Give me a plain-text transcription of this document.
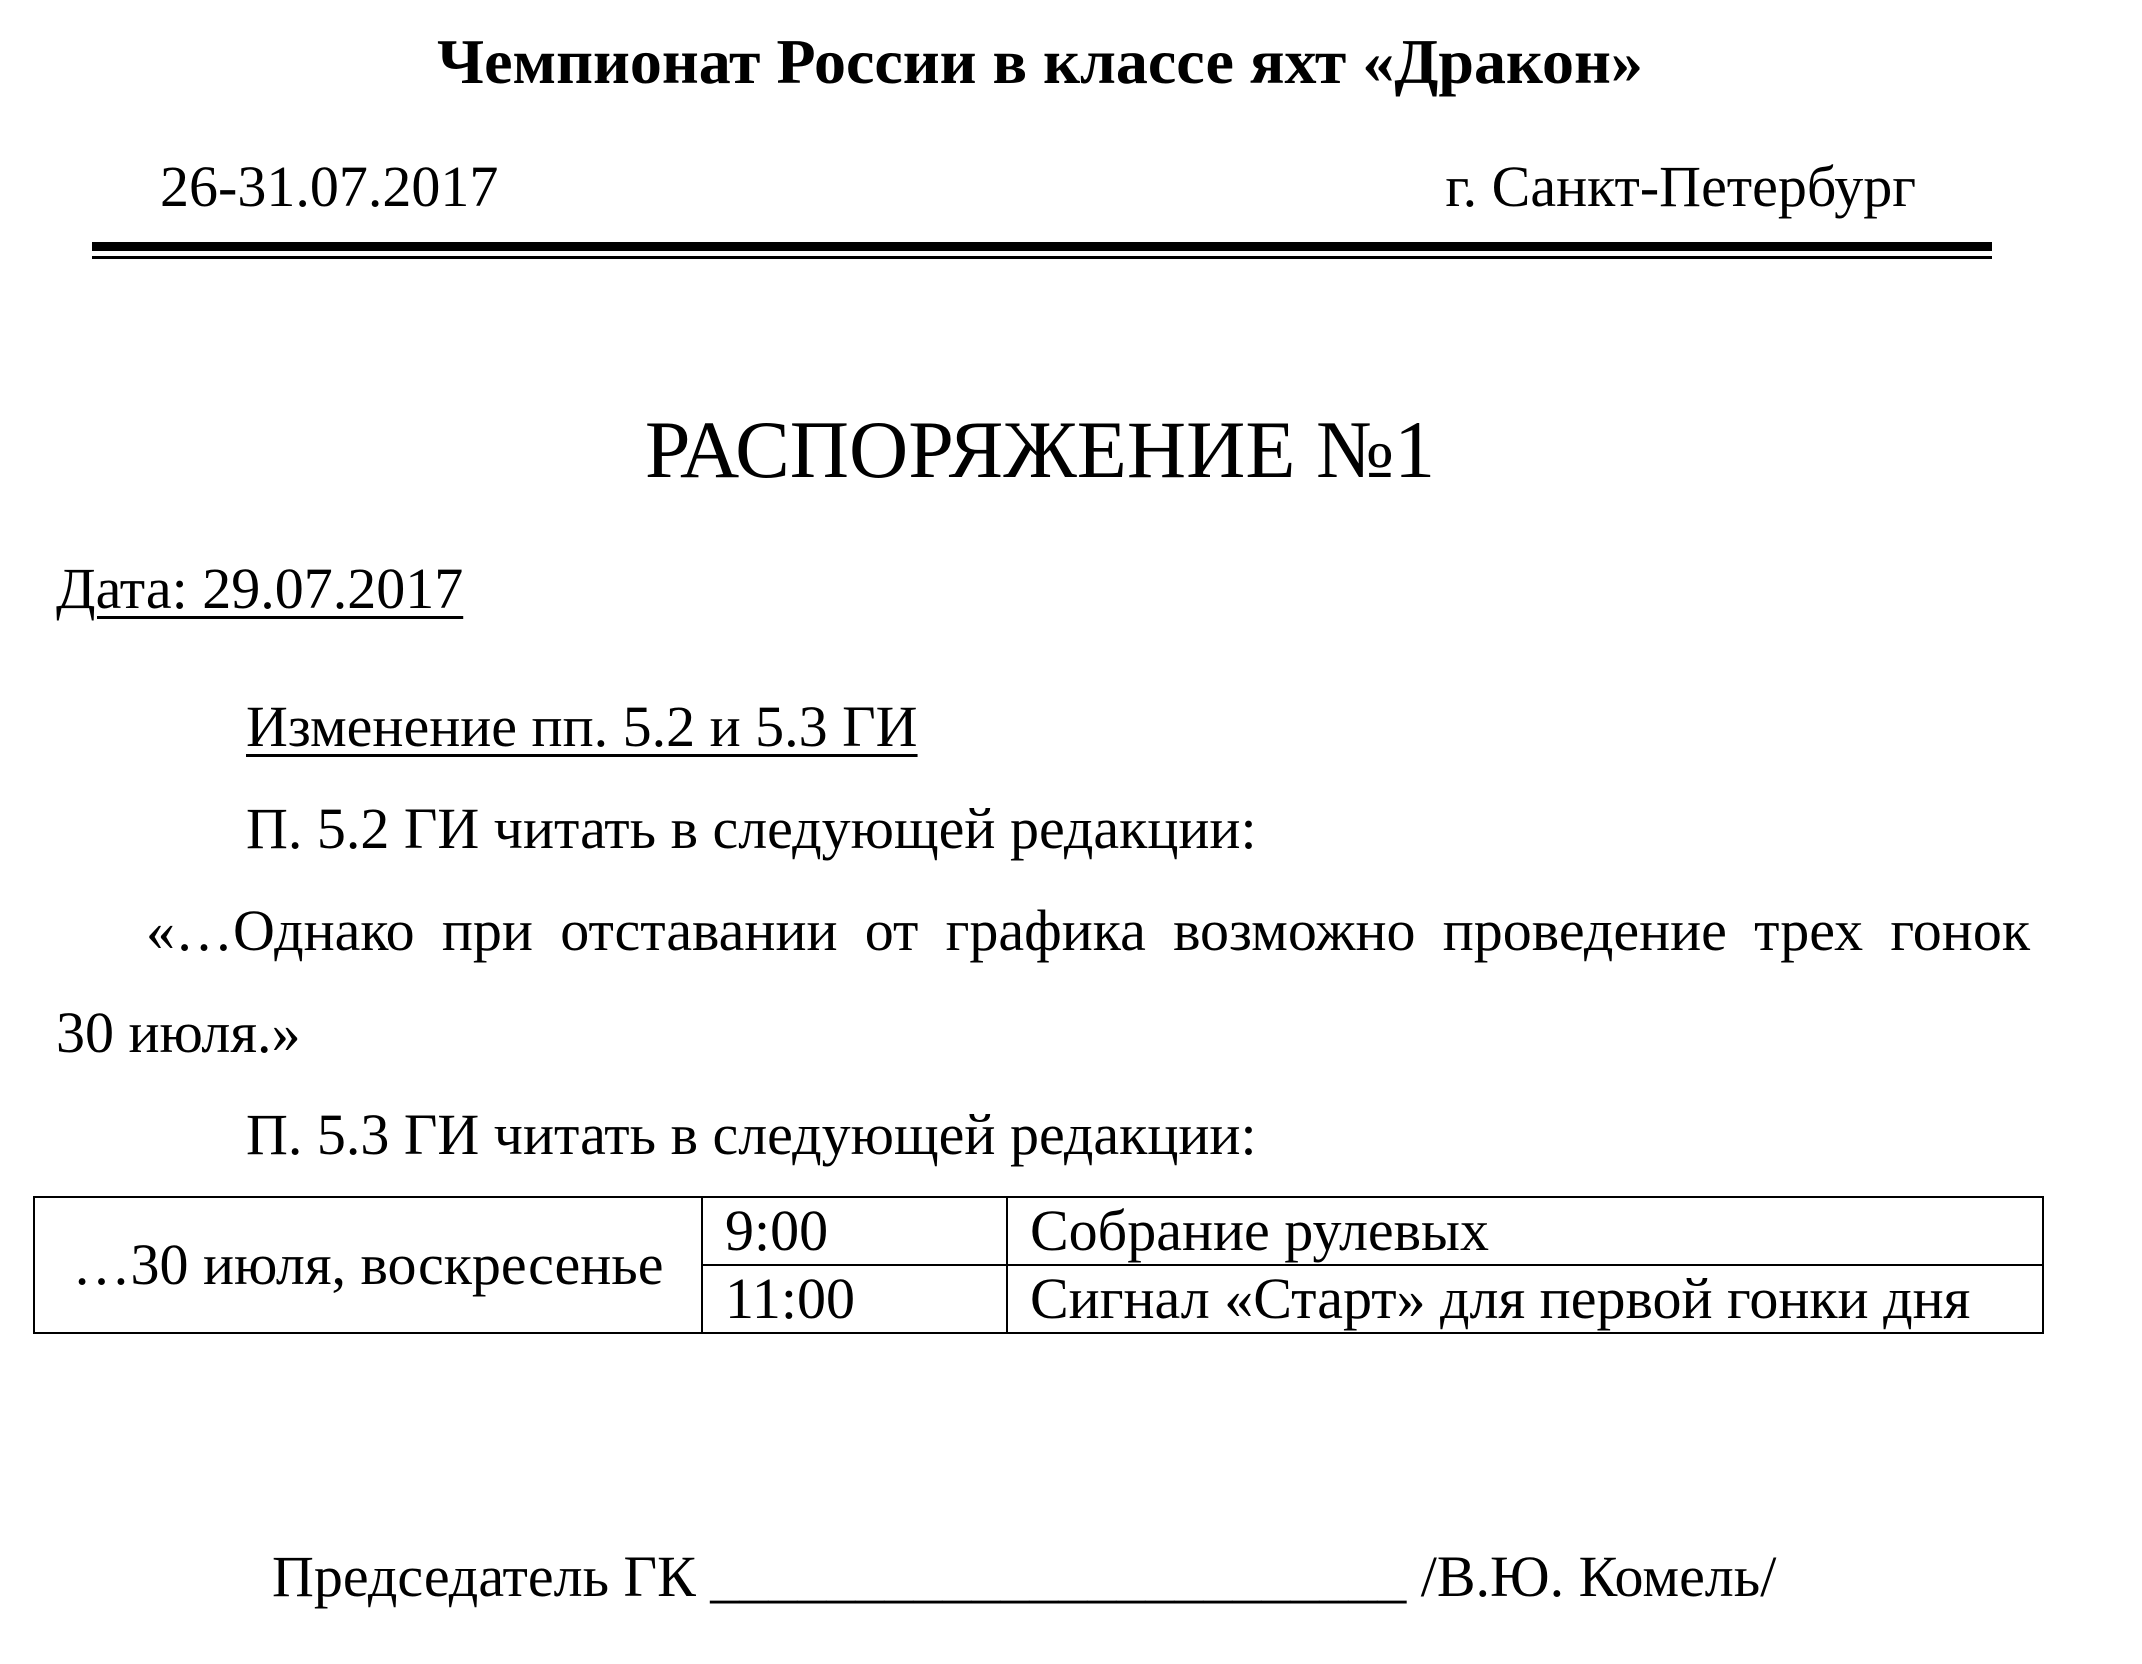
Чемпионат России в классе яхт «Дракон»
26-31.07.2017	г. Санкт-Петербург
РАСПОРЯЖЕНИЕ №1
Дата: 29.07.2017
Изменение пп. 5.2 и 5.3 ГИ
П. 5.2 ГИ читать в следующей редакции:
«…Однако при отставании от графика возможно проведение трех гонок
30 июля.»
П. 5.3 ГИ читать в следующей редакции:
…30 июля, воскресенье	9:00	Собрание рулевых
	11:00	Сигнал «Старт» для первой гонки дня
Председатель ГК ________________________ /В.Ю. Комель/
